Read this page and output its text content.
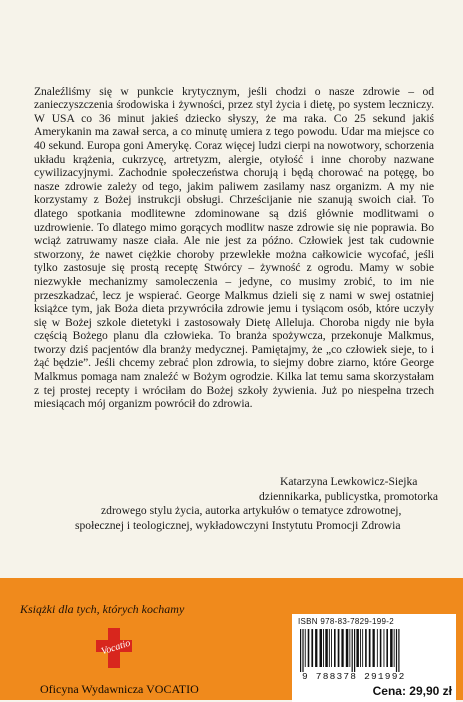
Znaleźliśmy się w punkcie krytycznym, jeśli chodzi o nasze zdrowie – od zanieczyszczenia środowiska i żywności, przez styl życia i dietę, po system leczniczy. W USA co 36 minut jakieś dziecko słyszy, że ma raka. Co 25 sekund jakiś Amerykanin ma zawał serca, a co minutę umiera z tego powodu. Udar ma miejsce co 40 sekund. Europa goni Amerykę. Coraz więcej ludzi cierpi na nowotwory, schorzenia układu krążenia, cukrzycę, artretyzm, alergie, otyłość i inne choroby nazwane cywilizacyjnymi. Zachodnie społeczeństwa chorują i będą chorować na potęgę, bo nasze zdrowie zależy od tego, jakim paliwem zasilamy nasz organizm. A my nie korzystamy z Bożej instrukcji obsługi. Chrześcijanie nie szanują swoich ciał. To dlatego spotkania modlitewne zdominowane są dziś głównie modlitwami o uzdrowienie. To dlatego mimo gorących modlitw nasze zdrowie się nie poprawia. Bo wciąż zatruwamy nasze ciała. Ale nie jest za późno. Człowiek jest tak cudownie stworzony, że nawet ciężkie choroby przewlekłe można całkowicie wycofać, jeśli tylko zastosuje się prostą receptę Stwórcy – żywność z ogrodu. Mamy w sobie niezwykłe mechanizmy samoleczenia – jedyne, co musimy zrobić, to im nie przeszkadzać, lecz je wspierać. George Malkmus dzieli się z nami w swej ostatniej książce tym, jak Boża dieta przywróciła zdrowie jemu i tysiącom osób, które uczyły się w Bożej szkole dietetyki i zastosowały Dietę Alleluja. Choroba nigdy nie była częścią Bożego planu dla człowieka. To branża spożywcza, przekonuje Malkmus, tworzy dziś pacjentów dla branży medycznej. Pamiętajmy, że „co człowiek sieje, to i żąć będzie”. Jeśli chcemy zebrać plon zdrowia, to siejmy dobre ziarno, które George Malkmus pomaga nam znaleźć w Bożym ogrodzie. Kilka lat temu sama skorzystałam z tej prostej recepty i wróciłam do Bożej szkoły żywienia. Już po niespełna trzech miesiącach mój organizm powrócił do zdrowia.

Katarzyna Lewkowicz-Siejka
dziennikarka, publicystka, promotorka
zdrowego stylu życia, autorka artykułów o tematyce zdrowotnej,
społecznej i teologicznej, wykładowczyni Instytutu Promocji Zdrowia
Książki dla tych, których kochamy
Vocatio
Oficyna Wydawnicza VOCATIO
ISBN 978-83-7829-199-2
9 788378 291992
Cena: 29,90 zł
